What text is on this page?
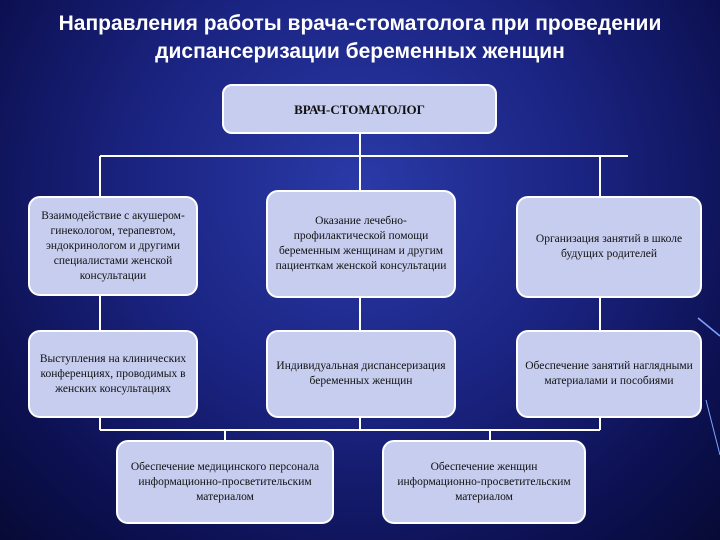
Направления работы врача-стоматолога при проведении
диспансеризации беременных женщин
ВРАЧ-СТОМАТОЛОГ
Взаимодействие с акушером-гинекологом, терапевтом, эндокринологом и другими специалистами женской консультации
Оказание лечебно-профилактической помощи беременным женщинам и другим пациенткам женской консультации
Организация занятий в школе будущих родителей
Выступления на клинических конференциях, проводимых в женских консультациях
Индивидуальная диспансеризация беременных женщин
Обеспечение занятий наглядными материалами и пособиями
Обеспечение медицинского персонала информационно-просветительским материалом
Обеспечение женщин информационно-просветительским материалом
